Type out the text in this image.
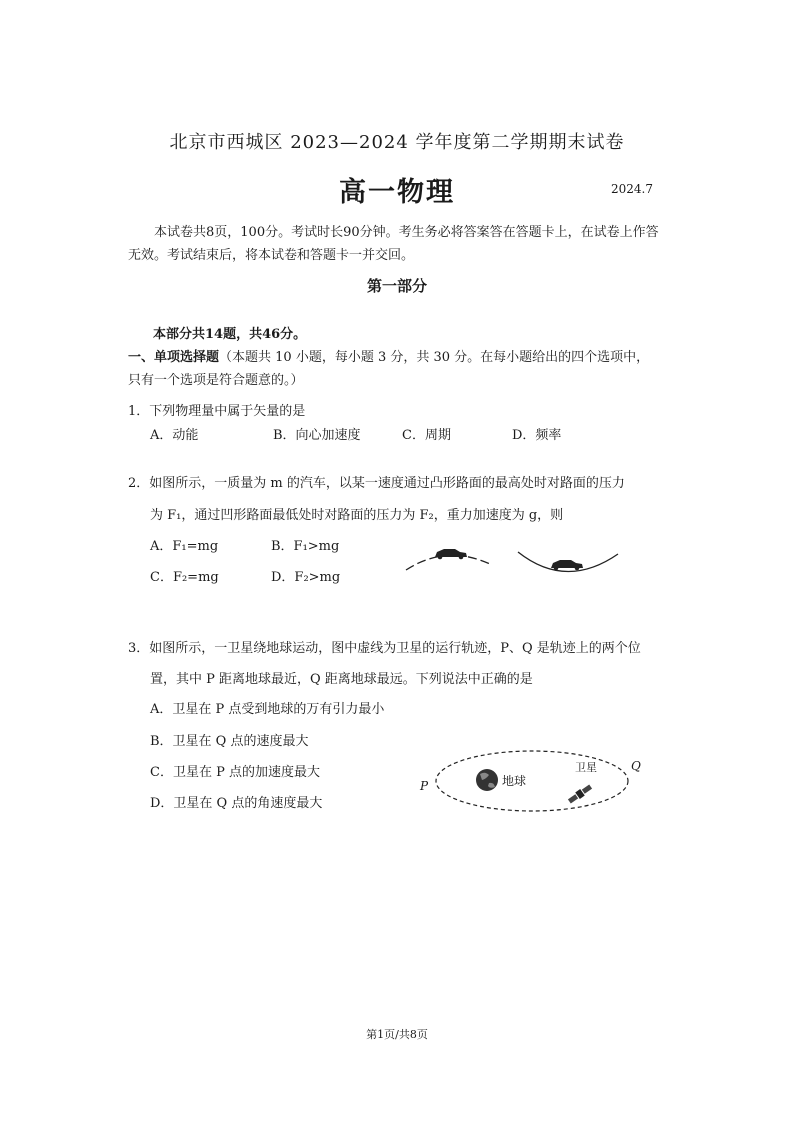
北京市西城区 2023—2024 学年度第二学期期末试卷
高一物理	2024.7
本试卷共8页，100分。考试时长90分钟。考生务必将答案答在答题卡上，在试卷上作答无效。考试结束后，将本试卷和答题卡一并交回。
第一部分
本部分共14题，共46分。
一、单项选择题（本题共 10 小题，每小题 3 分，共 30 分。在每小题给出的四个选项中，
只有一个选项是符合题意的。）
1．下列物理量中属于矢量的是
A．动能	B．向心加速度	C．周期	D．频率
2．如图所示，一质量为 m 的汽车，以某一速度通过凸形路面的最高处时对路面的压力
为 F₁，通过凹形路面最低处时对路面的压力为 F₂，重力加速度为 g，则
A．F₁=mg	B．F₁>mg
C．F₂=mg	D．F₂>mg
3．如图所示，一卫星绕地球运动，图中虚线为卫星的运行轨迹，P、Q 是轨迹上的两个位
置，其中 P 距离地球最近，Q 距离地球最远。下列说法中正确的是
A．卫星在 P 点受到地球的万有引力最小
B．卫星在 Q 点的速度最大
C．卫星在 P 点的加速度最大
D．卫星在 Q 点的角速度最大
地球
卫星
P
Q
第1页/共8页
